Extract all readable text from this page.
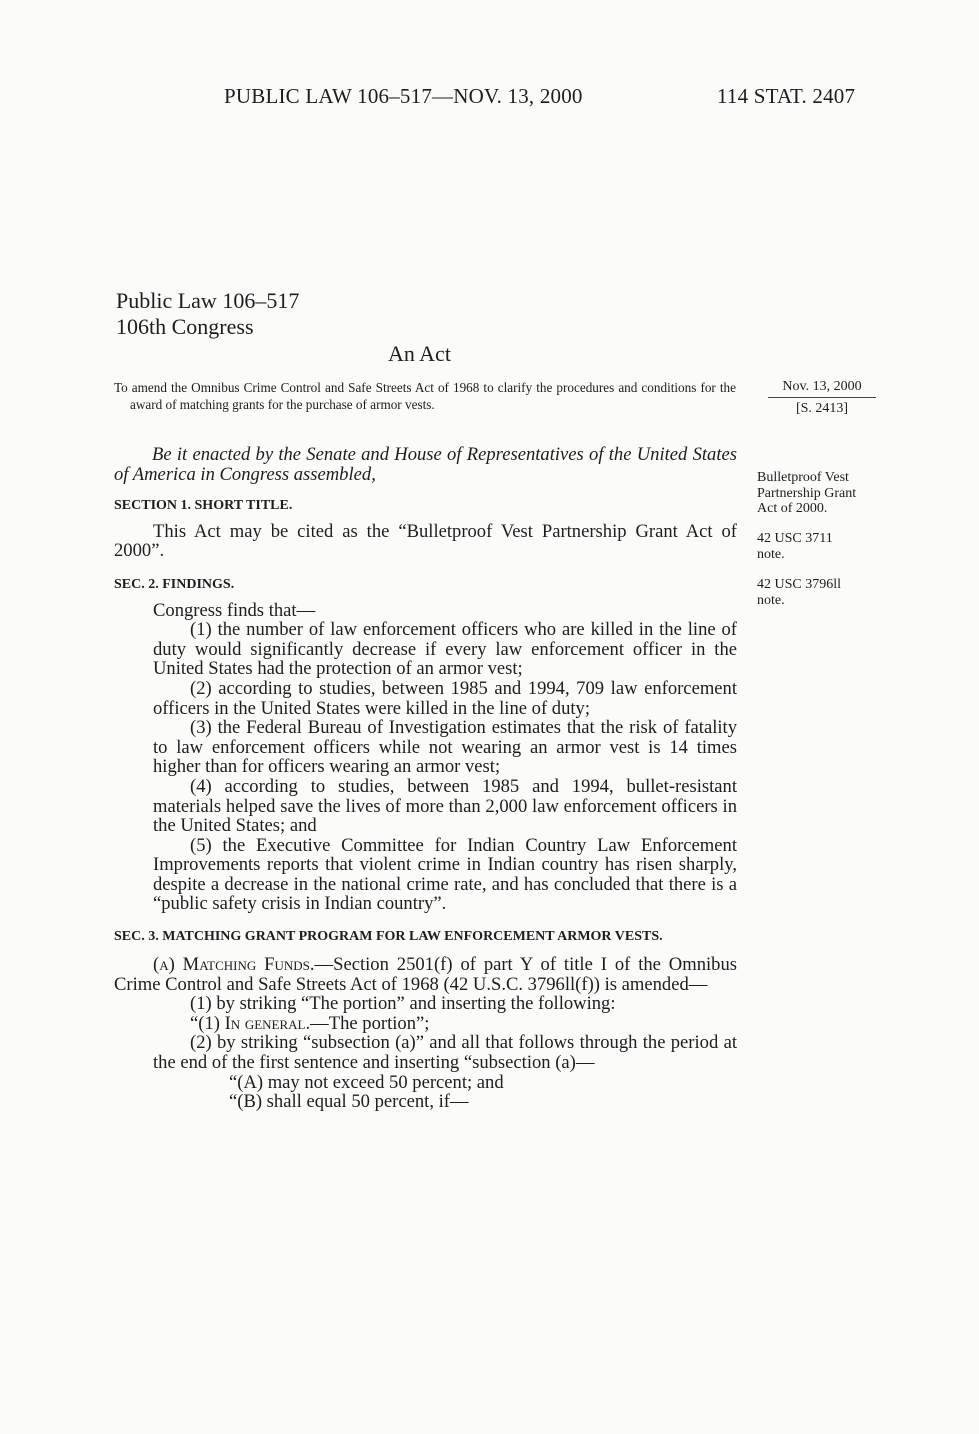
PUBLIC LAW 106–517—NOV. 13, 2000	114 STAT. 2407
Public Law 106–517
106th Congress
An Act
To amend the Omnibus Crime Control and Safe Streets Act of 1968 to clarify the procedures and conditions for the award of matching grants for the purchase of armor vests.
Nov. 13, 2000
[S. 2413]
Bulletproof Vest Partnership Grant Act of 2000.
42 USC 3711 note.
42 USC 3796ll note.

Be it enacted by the Senate and House of Representatives of the United States of America in Congress assembled,

SECTION 1. SHORT TITLE.

This Act may be cited as the “Bulletproof Vest Partnership Grant Act of 2000”.

SEC. 2. FINDINGS.

Congress finds that—

(1) the number of law enforcement officers who are killed in the line of duty would significantly decrease if every law enforcement officer in the United States had the protection of an armor vest;

(2) according to studies, between 1985 and 1994, 709 law enforcement officers in the United States were killed in the line of duty;

(3) the Federal Bureau of Investigation estimates that the risk of fatality to law enforcement officers while not wearing an armor vest is 14 times higher than for officers wearing an armor vest;

(4) according to studies, between 1985 and 1994, bullet-resistant materials helped save the lives of more than 2,000 law enforcement officers in the United States; and

(5) the Executive Committee for Indian Country Law Enforcement Improvements reports that violent crime in Indian country has risen sharply, despite a decrease in the national crime rate, and has concluded that there is a “public safety crisis in Indian country”.

SEC. 3. MATCHING GRANT PROGRAM FOR LAW ENFORCEMENT ARMOR VESTS.

(a) Matching Funds.—Section 2501(f) of part Y of title I of the Omnibus Crime Control and Safe Streets Act of 1968 (42 U.S.C. 3796ll(f)) is amended—

(1) by striking “The portion” and inserting the following:

“(1) In general.—The portion”;

(2) by striking “subsection (a)” and all that follows through the period at the end of the first sentence and inserting “subsection (a)—

“(A) may not exceed 50 percent; and

“(B) shall equal 50 percent, if—
